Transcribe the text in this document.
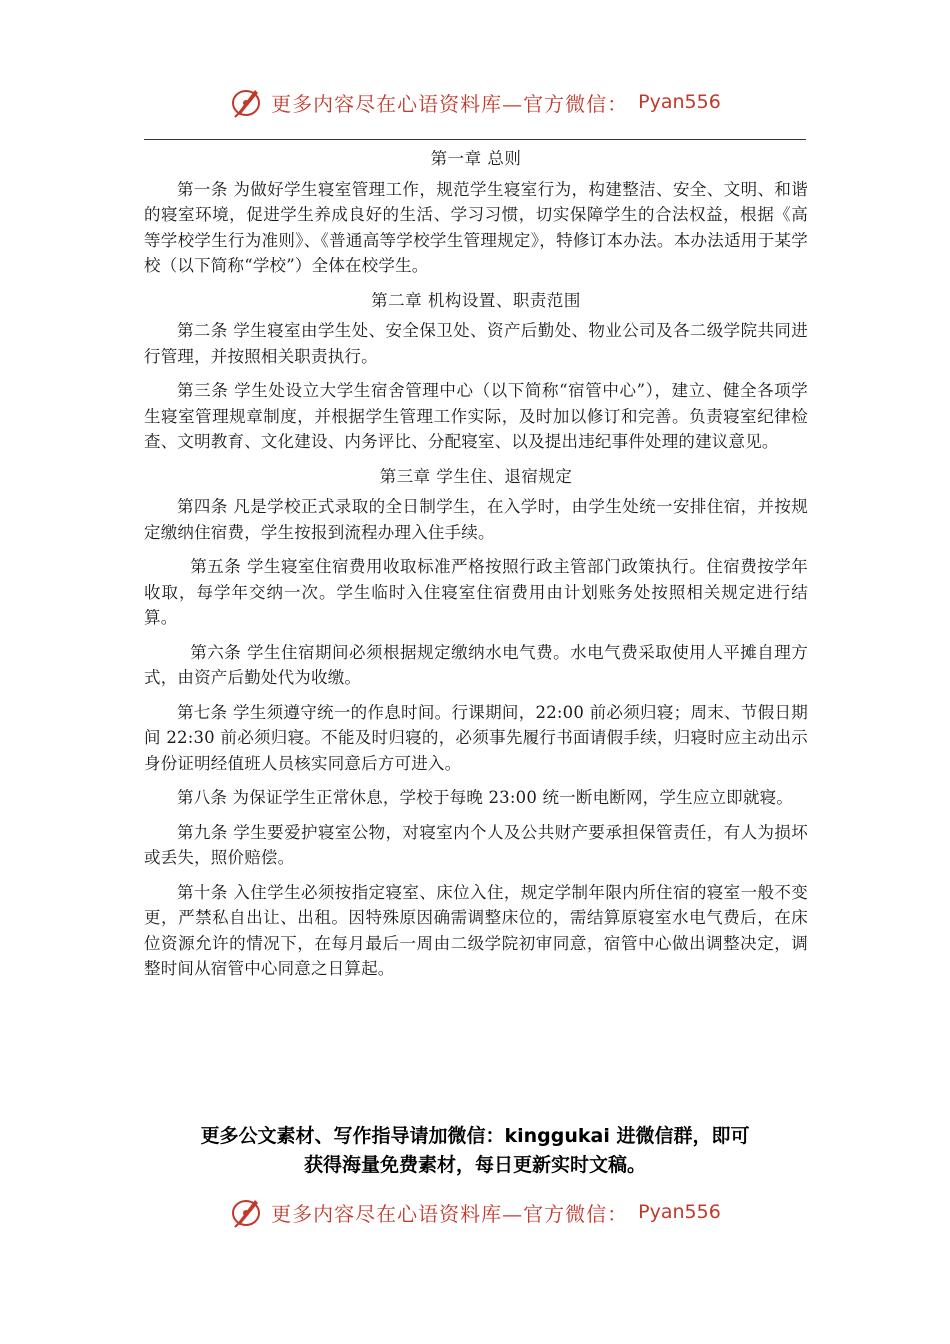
更多内容尽在心语资料库—官方微信： Pyan556
第一章 总则

第一条 为做好学生寝室管理工作，规范学生寝室行为，构建整洁、安全、文明、和谐的寝室环境，促进学生养成良好的生活、学习习惯，切实保障学生的合法权益，根据《高等学校学生行为准则》、《普通高等学校学生管理规定》，特修订本办法。本办法适用于某学校（以下简称“学校”）全体在校学生。

第二章 机构设置、职责范围

第二条 学生寝室由学生处、安全保卫处、资产后勤处、物业公司及各二级学院共同进行管理，并按照相关职责执行。

第三条 学生处设立大学生宿舍管理中心（以下简称“宿管中心”），建立、健全各项学生寝室管理规章制度，并根据学生管理工作实际，及时加以修订和完善。负责寝室纪律检查、文明教育、文化建设、内务评比、分配寝室、以及提出违纪事件处理的建议意见。

第三章 学生住、退宿规定

第四条 凡是学校正式录取的全日制学生，在入学时，由学生处统一安排住宿，并按规定缴纳住宿费，学生按报到流程办理入住手续。

第五条 学生寝室住宿费用收取标准严格按照行政主管部门政策执行。住宿费按学年收取，每学年交纳一次。学生临时入住寝室住宿费用由计划账务处按照相关规定进行结算。

第六条 学生住宿期间必须根据规定缴纳水电气费。水电气费采取使用人平摊自理方式，由资产后勤处代为收缴。

第七条 学生须遵守统一的作息时间。行课期间，22:00 前必须归寝；周末、节假日期间 22:30 前必须归寝。不能及时归寝的，必须事先履行书面请假手续，归寝时应主动出示身份证明经值班人员核实同意后方可进入。

第八条 为保证学生正常休息，学校于每晚 23:00 统一断电断网，学生应立即就寝。

第九条 学生要爱护寝室公物，对寝室内个人及公共财产要承担保管责任，有人为损坏或丢失，照价赔偿。

第十条 入住学生必须按指定寝室、床位入住，规定学制年限内所住宿的寝室一般不变更，严禁私自出让、出租。因特殊原因确需调整床位的，需结算原寝室水电气费后，在床位资源允许的情况下，在每月最后一周由二级学院初审同意，宿管中心做出调整决定，调整时间从宿管中心同意之日算起。

更多公文素材、写作指导请加微信：kinggukai 进微信群，即可
获得海量免费素材，每日更新实时文稿。
更多内容尽在心语资料库—官方微信： Pyan556
